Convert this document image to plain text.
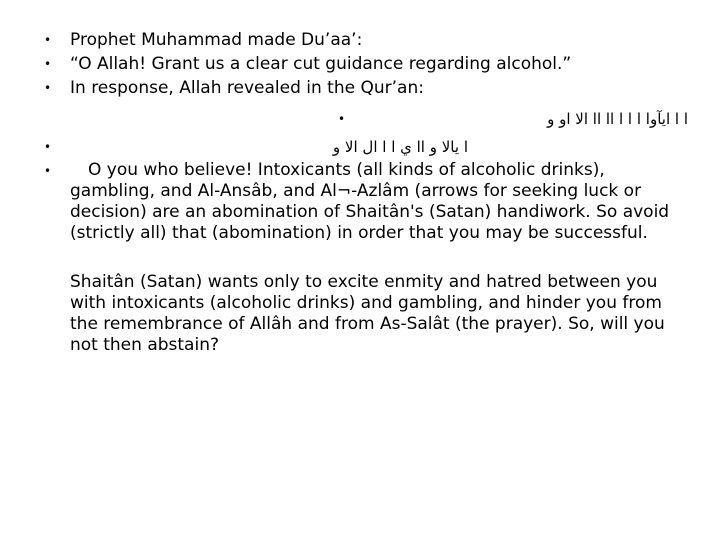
• Prophet Muhammad made Du’aa’:
• “O Allah! Grant us a clear cut guidance regarding alcohol.”
• In response, Allah revealed in the Qur’an:
•	ا ا ايآوا ا ا ا اا اا الا او و
•	ا يالا و اا ي ا ا ال الا و
•	O you who believe! Intoxicants (all kinds of alcoholic drinks), gambling, and Al-Ansâb, and Al¬-Azlâm (arrows for seeking luck or decision) are an abomination of Shaitân's (Satan) handiwork. So avoid (strictly all) that (abomination) in order that you may be successful.
Shaitân (Satan) wants only to excite enmity and hatred between you with intoxicants (alcoholic drinks) and gambling, and hinder you from the remembrance of Allâh and from As-Salât (the prayer). So, will you not then abstain?
